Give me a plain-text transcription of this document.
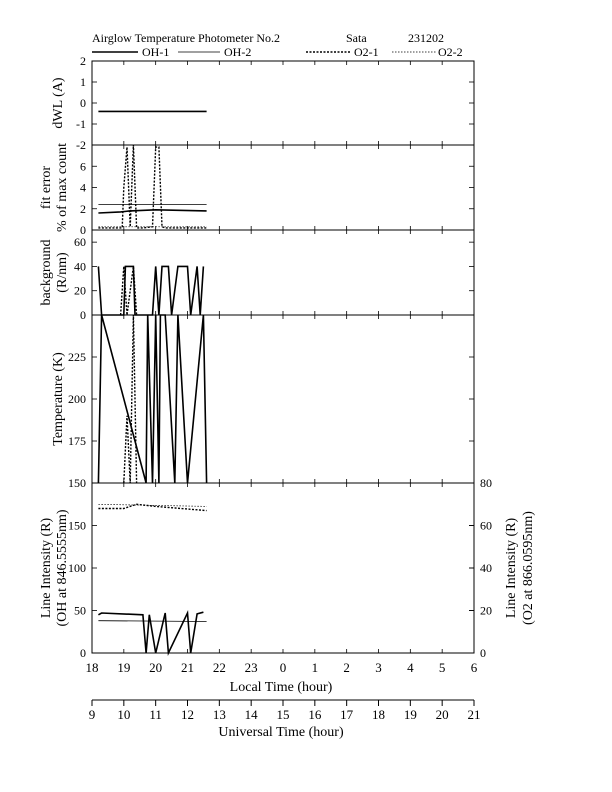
Airglow Temperature Photometer No.2	Sata	231202
OH-1	OH-2	O2-1	O2-2
2
1
0
-1
-2
dWL (A)
6
4
2
0
fit error % of max count
60
40
20
0
background (R/nm)
225
200
175
150
Temperature (K)
150
100
50
0
80
60
40
20
0
Line Intensity (R) (OH at 846.5555nm)	Line Intensity (R) (O2 at 866.0595nm)
18 19 20 21 22 23 0 1 2 3 4 5 6
Local Time (hour)
9 10 11 12 13 14 15 16 17 18 19 20 21
Universal Time (hour)
